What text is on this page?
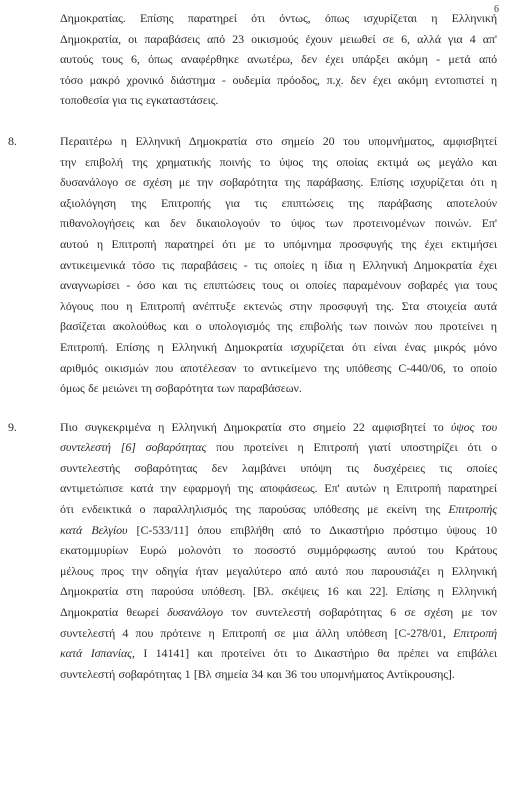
6

Δημοκρατίας. Επίσης παρατηρεί ότι όντως, όπως ισχυρίζεται η Ελληνική

Δημοκρατία, οι παραβάσεις από 23 οικισμούς έχουν μειωθεί σε 6, αλλά για 4 απ'

αυτούς τους 6, όπως αναφέρθηκε ανωτέρω, δεν έχει υπάρξει ακόμη - μετά από

τόσο μακρό χρονικό διάστημα - ουδεμία πρόοδος, π.χ. δεν έχει ακόμη εντοπιστεί η

τοποθεσία για τις εγκαταστάσεις.

8.	Περαιτέρω η Ελληνική Δημοκρατία στο σημείο 20 του υπομνήματος, αμφισβητεί

την επιβολή της χρηματικής ποινής το ύψος της οποίας εκτιμά ως μεγάλο και

δυσανάλογο σε σχέση με την σοβαρότητα της παράβασης. Επίσης ισχυρίζεται ότι η

αξιολόγηση της Επιτροπής για τις επιπτώσεις της παράβασης αποτελούν

πιθανολογήσεις και δεν δικαιολογούν το ύψος των προτεινομένων ποινών. Επ'

αυτού η Επιτροπή παρατηρεί ότι με το υπόμνημα προσφυγής της έχει εκτιμήσει

αντικειμενικά τόσο τις παραβάσεις - τις οποίες η ίδια η Ελληνική Δημοκρατία έχει

αναγνωρίσει - όσο και τις επιπτώσεις τους οι οποίες παραμένουν σοβαρές για τους

λόγους που η Επιτροπή ανέπτυξε εκτενώς στην προσφυγή της. Στα στοιχεία αυτά

βασίζεται ακολούθως και ο υπολογισμός της επιβολής των ποινών που προτείνει η

Επιτροπή. Επίσης η Ελληνική Δημοκρατία ισχυρίζεται ότι είναι ένας μικρός μόνο

αριθμός οικισμών που αποτέλεσαν το αντικείμενο της υπόθεσης C-440/06, το οποίο

όμως δε μειώνει τη σοβαρότητα των παραβάσεων.

9.	Πιο συγκεκριμένα η Ελληνική Δημοκρατία στο σημείο 22 αμφισβητεί το ύψος του

συντελεστή [6] σοβαρότητας που προτείνει η Επιτροπή γιατί υποστηρίζει ότι ο

συντελεστής σοβαρότητας δεν λαμβάνει υπόψη τις δυσχέρειες τις οποίες

αντιμετώπισε κατά την εφαρμογή της αποφάσεως. Επ' αυτών η Επιτροπή παρατηρεί

ότι ενδεικτικά ο παραλληλισμός της παρούσας υπόθεσης με εκείνη της Επιτροπής

κατά Βελγίου [C-533/11] όπου επιβλήθη από το Δικαστήριο πρόστιμο ύψους 10

εκατομμυρίων Ευρώ μολονότι το ποσοστό συμμόρφωσης αυτού του Κράτους

μέλους προς την οδηγία ήταν μεγαλύτερο από αυτό που παρουσιάζει η Ελληνική

Δημοκρατία στη παρούσα υπόθεση. [Βλ. σκέψεις 16 και 22]. Επίσης η Ελληνική

Δημοκρατία θεωρεί δυσανάλογο τον συντελεστή σοβαρότητας 6 σε σχέση με τον

συντελεστή 4 που πρότεινε η Επιτροπή σε μια άλλη υπόθεση [C-278/01, Επιτροπή

κατά Ισπανίας, I 14141] και προτείνει ότι το Δικαστήριο θα πρέπει να επιβάλει

συντελεστή σοβαρότητας 1 [Βλ σημεία 34 και 36 του υπομνήματος Αντίκρουσης].
